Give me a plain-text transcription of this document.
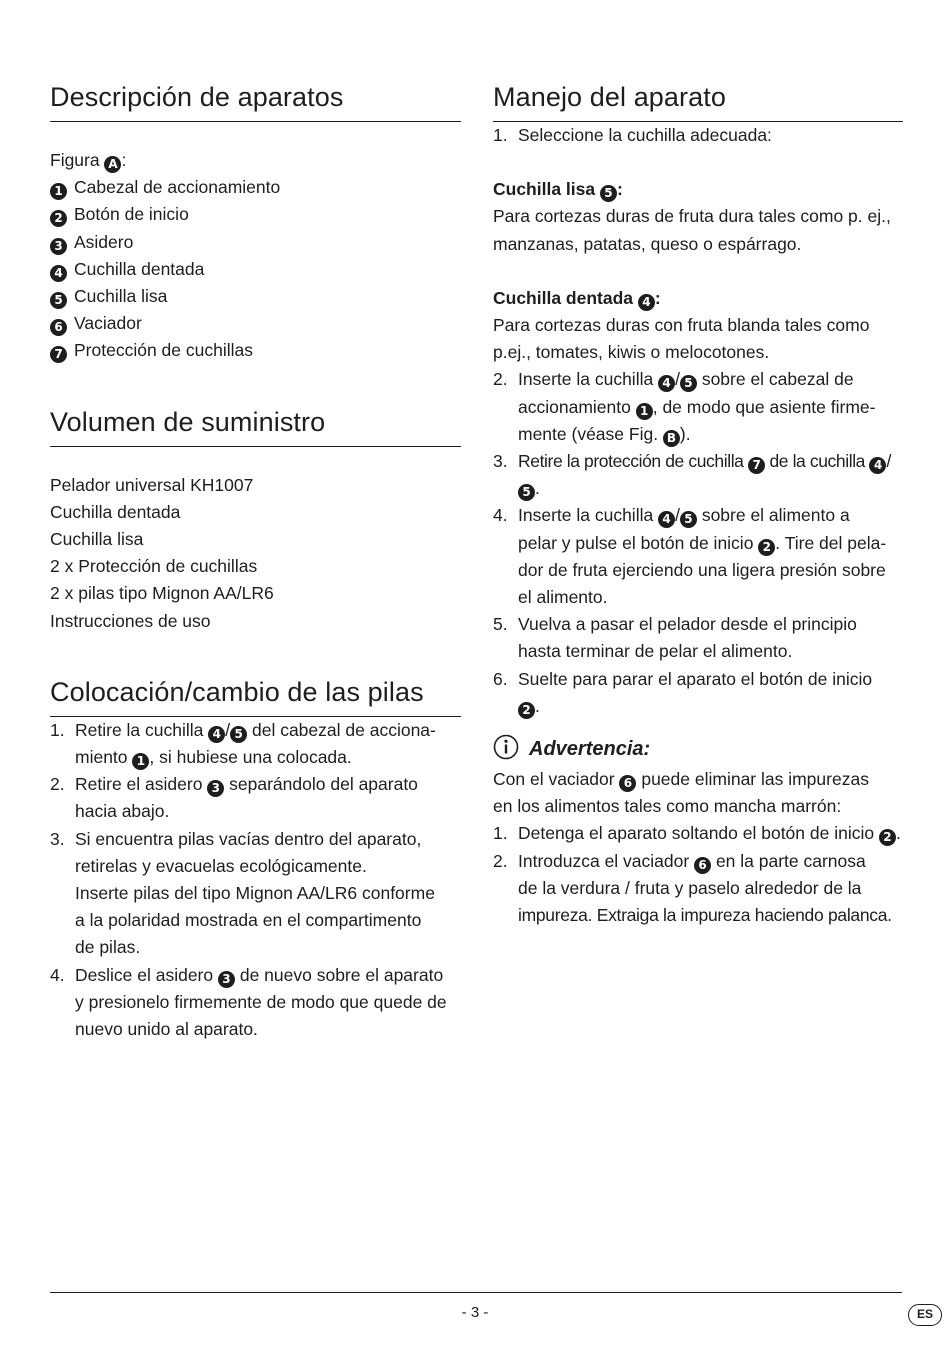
Descripción de aparatos
Figura A :
1 Cabezal de accionamiento
2 Botón de inicio
3 Asidero
4 Cuchilla dentada
5 Cuchilla lisa
6 Vaciador
7 Protección de cuchillas
Volumen de suministro
Pelador universal KH1007
Cuchilla dentada
Cuchilla lisa
2 x Protección de cuchillas
2 x pilas tipo Mignon AA/LR6
Instrucciones de uso
Colocación/cambio de las pilas
1. Retire la cuchilla 4 / 5 del cabezal de acciona-
miento 1 , si hubiese una colocada.
2. Retire el asidero 3 separándolo del aparato
hacia abajo.
3. Si encuentra pilas vacías dentro del aparato,
retirelas y evacuelas ecológicamente.
Inserte pilas del tipo Mignon AA/LR6 conforme
a la polaridad mostrada en el compartimento
de pilas.
4. Deslice el asidero 3 de nuevo sobre el aparato
y presionelo firmemente de modo que quede de
nuevo unido al aparato.
Manejo del aparato
1. Seleccione la cuchilla adecuada:
Cuchilla lisa 5 :
Para cortezas duras de fruta dura tales como p. ej.,
manzanas, patatas, queso o espárrago.
Cuchilla dentada 4 :
Para cortezas duras con fruta blanda tales como
p.ej., tomates, kiwis o melocotones.
2. Inserte la cuchilla 4 / 5 sobre el cabezal de
accionamiento 1 , de modo que asiente firme-
mente (véase Fig. B ).
3. Retire la protección de cuchilla 7 de la cuchilla 4 /
5 .
4. Inserte la cuchilla 4 / 5 sobre el alimento a
pelar y pulse el botón de inicio 2 . Tire del pela-
dor de fruta ejerciendo una ligera presión sobre
el alimento.
5. Vuelva a pasar el pelador desde el principio
hasta terminar de pelar el alimento.
6. Suelte para parar el aparato el botón de inicio
2 .
Advertencia:
Con el vaciador 6 puede eliminar las impurezas
en los alimentos tales como mancha marrón:
1. Detenga el aparato soltando el botón de inicio 2 .
2. Introduzca el vaciador 6 en la parte carnosa
de la verdura / fruta y paselo alrededor de la
impureza. Extraiga la impureza haciendo palanca.
- 3 -	ES
